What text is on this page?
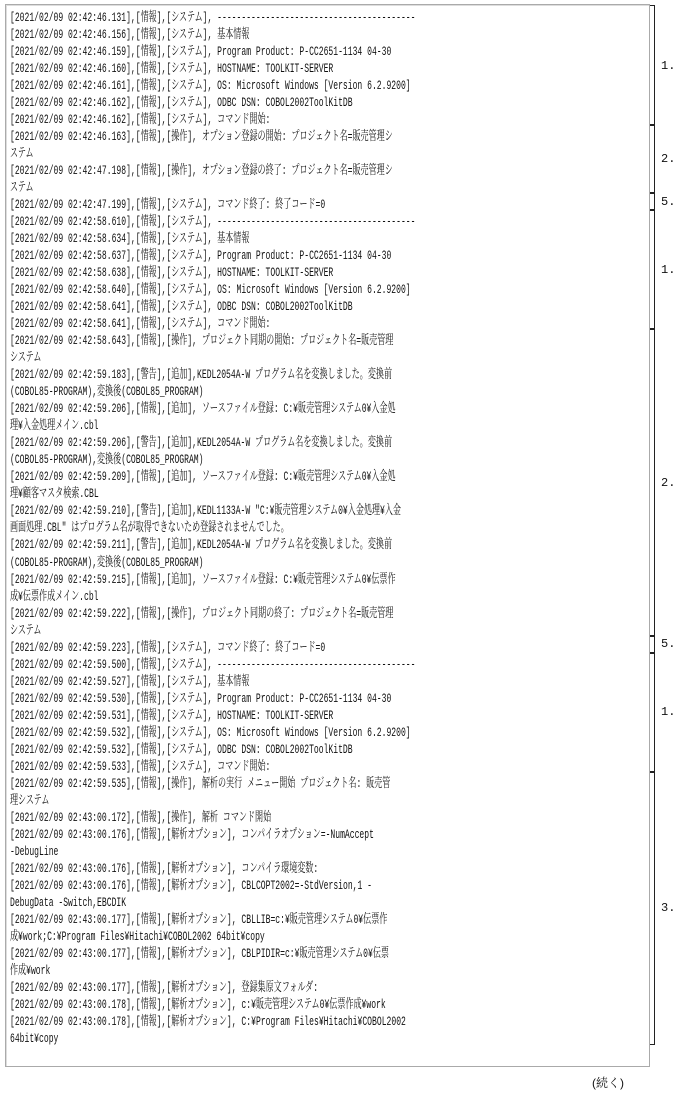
[2021/02/09 02:42:46.131],[情報],[システム], -----------------------------------------
[2021/02/09 02:42:46.156],[情報],[システム], 基本情報
[2021/02/09 02:42:46.159],[情報],[システム], Program Product: P-CC2651-1134 04-30
[2021/02/09 02:42:46.160],[情報],[システム], HOSTNAME: TOOLKIT-SERVER
[2021/02/09 02:42:46.161],[情報],[システム], OS: Microsoft Windows [Version 6.2.9200]
[2021/02/09 02:42:46.162],[情報],[システム], ODBC DSN: COBOL2002ToolKitDB
[2021/02/09 02:42:46.162],[情報],[システム], コマンド開始:
[2021/02/09 02:42:46.163],[情報],[操作], オプション登録の開始: プロジェクト名=販売管理シ
ステム
[2021/02/09 02:42:47.198],[情報],[操作], オプション登録の終了: プロジェクト名=販売管理シ
ステム
[2021/02/09 02:42:47.199],[情報],[システム], コマンド終了: 終了コード=0
[2021/02/09 02:42:58.610],[情報],[システム], -----------------------------------------
[2021/02/09 02:42:58.634],[情報],[システム], 基本情報
[2021/02/09 02:42:58.637],[情報],[システム], Program Product: P-CC2651-1134 04-30
[2021/02/09 02:42:58.638],[情報],[システム], HOSTNAME: TOOLKIT-SERVER
[2021/02/09 02:42:58.640],[情報],[システム], OS: Microsoft Windows [Version 6.2.9200]
[2021/02/09 02:42:58.641],[情報],[システム], ODBC DSN: COBOL2002ToolKitDB
[2021/02/09 02:42:58.641],[情報],[システム], コマンド開始:
[2021/02/09 02:42:58.643],[情報],[操作], プロジェクト同期の開始: プロジェクト名=販売管理
システム
[2021/02/09 02:42:59.183],[警告],[追加],KEDL2054A-W プログラム名を変換しました。変換前
(COBOL85-PROGRAM),変換後(COBOL85_PROGRAM)
[2021/02/09 02:42:59.206],[情報],[追加], ソースファイル登録: C:¥販売管理システム0¥入金処
理¥入金処理メイン.cbl
[2021/02/09 02:42:59.206],[警告],[追加],KEDL2054A-W プログラム名を変換しました。変換前
(COBOL85-PROGRAM),変換後(COBOL85_PROGRAM)
[2021/02/09 02:42:59.209],[情報],[追加], ソースファイル登録: C:¥販売管理システム0¥入金処
理¥顧客マスタ検索.CBL
[2021/02/09 02:42:59.210],[警告],[追加],KEDL1133A-W "C:¥販売管理システム0¥入金処理¥入金
画面処理.CBL" はプログラム名が取得できないため登録されませんでした。
[2021/02/09 02:42:59.211],[警告],[追加],KEDL2054A-W プログラム名を変換しました。変換前
(COBOL85-PROGRAM),変換後(COBOL85_PROGRAM)
[2021/02/09 02:42:59.215],[情報],[追加], ソースファイル登録: C:¥販売管理システム0¥伝票作
成¥伝票作成メイン.cbl
[2021/02/09 02:42:59.222],[情報],[操作], プロジェクト同期の終了: プロジェクト名=販売管理
システム
[2021/02/09 02:42:59.223],[情報],[システム], コマンド終了: 終了コード=0
[2021/02/09 02:42:59.500],[情報],[システム], -----------------------------------------
[2021/02/09 02:42:59.527],[情報],[システム], 基本情報
[2021/02/09 02:42:59.530],[情報],[システム], Program Product: P-CC2651-1134 04-30
[2021/02/09 02:42:59.531],[情報],[システム], HOSTNAME: TOOLKIT-SERVER
[2021/02/09 02:42:59.532],[情報],[システム], OS: Microsoft Windows [Version 6.2.9200]
[2021/02/09 02:42:59.532],[情報],[システム], ODBC DSN: COBOL2002ToolKitDB
[2021/02/09 02:42:59.533],[情報],[システム], コマンド開始:
[2021/02/09 02:42:59.535],[情報],[操作], 解析の実行 メニュー開始 プロジェクト名: 販売管
理システム
[2021/02/09 02:43:00.172],[情報],[操作], 解析 コマンド開始
[2021/02/09 02:43:00.176],[情報],[解析オプション], コンパイラオプション=-NumAccept
-DebugLine
[2021/02/09 02:43:00.176],[情報],[解析オプション], コンパイラ環境変数:
[2021/02/09 02:43:00.176],[情報],[解析オプション], CBLCOPT2002=-StdVersion,1 -
DebugData -Switch,EBCDIK
[2021/02/09 02:43:00.177],[情報],[解析オプション], CBLLIB=c:¥販売管理システム0¥伝票作
成¥work;C:¥Program Files¥Hitachi¥COBOL2002 64bit¥copy
[2021/02/09 02:43:00.177],[情報],[解析オプション], CBLPIDIR=c:¥販売管理システム0¥伝票
作成¥work
[2021/02/09 02:43:00.177],[情報],[解析オプション], 登録集原文フォルダ:
[2021/02/09 02:43:00.178],[情報],[解析オプション], c:¥販売管理システム0¥伝票作成¥work
[2021/02/09 02:43:00.178],[情報],[解析オプション], C:¥Program Files¥Hitachi¥COBOL2002
64bit¥copy
1.
2.
5.
1.
2.
5.
1.
3.
(続く)
